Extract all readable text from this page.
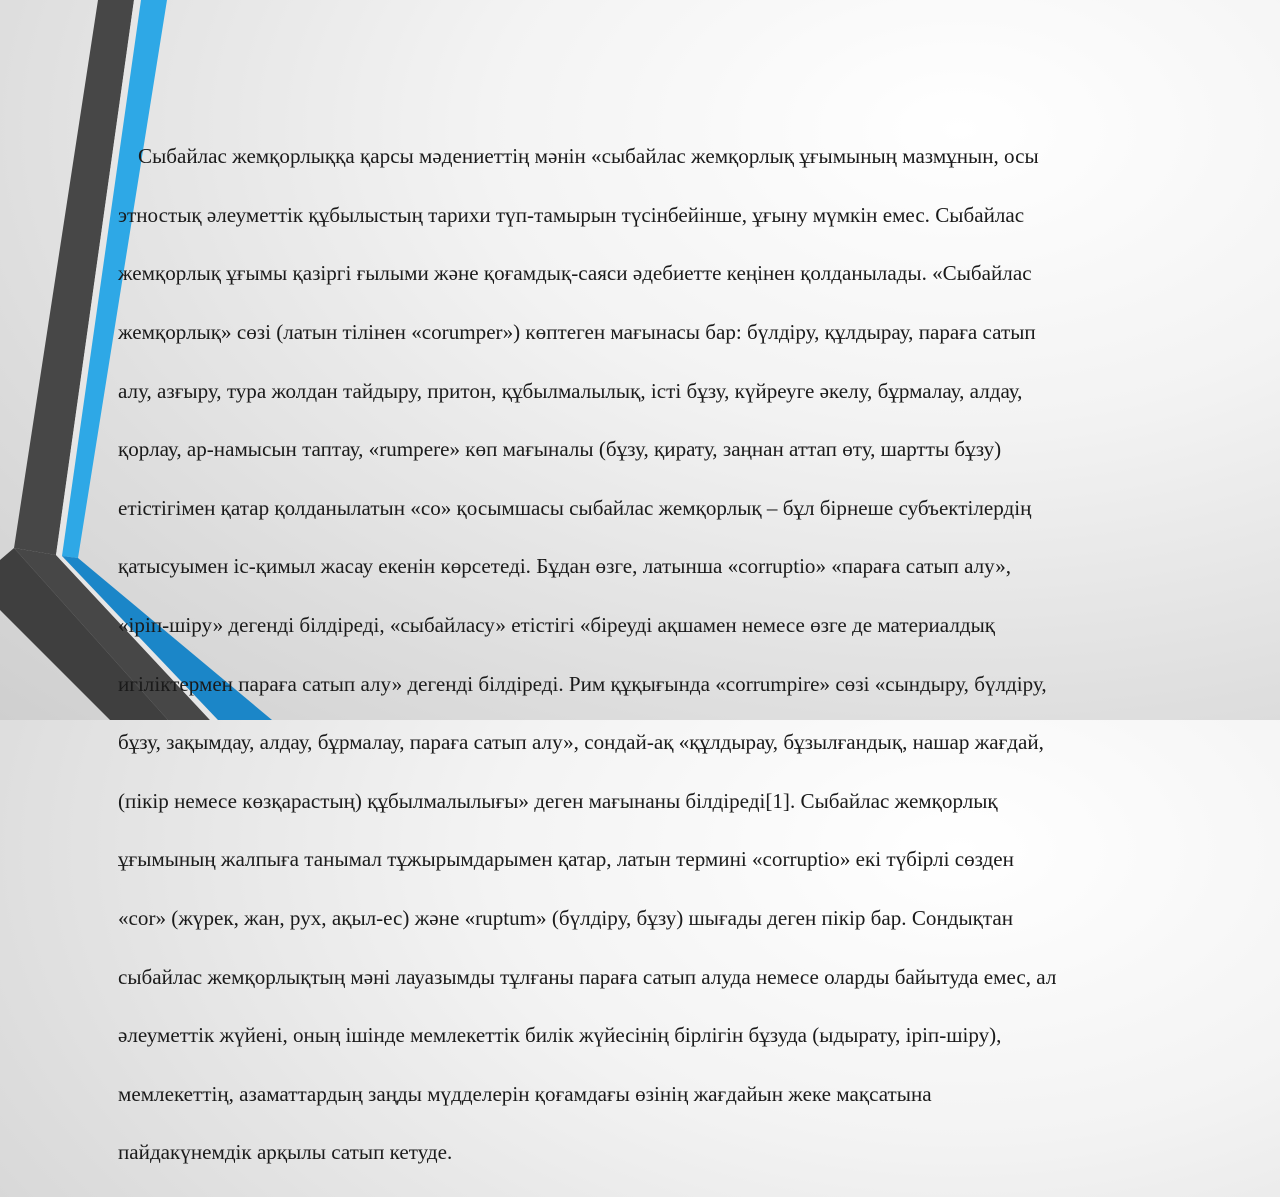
Сыбайлас жемқорлыққа қарсы мәдениеттің мәнін «сыбайлас жемқорлық ұғымының мазмұнын, осы

этностық әлеуметтік құбылыстың тарихи түп-тамырын түсінбейінше, ұғыну мүмкін емес. Сыбайлас

жемқорлық ұғымы қазіргі ғылыми және қоғамдық-саяси әдебиетте кеңінен қолданылады. «Сыбайлас

жемқорлық» сөзі (латын тілінен «corumper») көптеген мағынасы бар: бүлдіру, құлдырау, параға сатып

алу, азғыру, тура жолдан тайдыру, притон, құбылмалылық, істі бұзу, күйреуге әкелу, бұрмалау, алдау,

қорлау, ар-намысын таптау, «rumpere» көп мағыналы (бұзу, қирату, заңнан аттап өту, шартты бұзу)

етістігімен қатар қолданылатын «co» қосымшасы сыбайлас жемқорлық – бұл бірнеше субъектілердің

қатысуымен іс-қимыл жасау екенін көрсетеді. Бұдан өзге, латынша «corruptio» «параға сатып алу»,

«іріп-шіру» дегенді білдіреді, «сыбайласу» етістігі «біреуді ақшамен немесе өзге де материалдық

игіліктермен параға сатып алу» дегенді білдіреді. Рим құқығында «corrumpire» сөзі «сындыру, бүлдіру,

бұзу, зақымдау, алдау, бұрмалау, параға сатып алу», сондай-ақ «құлдырау, бұзылғандық, нашар жағдай,

(пікір немесе көзқарастың) құбылмалылығы» деген мағынаны білдіреді[1]. Сыбайлас жемқорлық

ұғымының жалпыға танымал тұжырымдарымен қатар, латын термині «corruptio» екі түбірлі сөзден

«cor» (жүрек, жан, рух, ақыл-ес) және «ruptum» (бүлдіру, бұзу) шығады деген пікір бар. Сондықтан

сыбайлас жемқорлықтың мәні лауазымды тұлғаны параға сатып алуда немесе оларды байытуда емес, ал

әлеуметтік жүйені, оның ішінде мемлекеттік билік жүйесінің бірлігін бұзуда (ыдырату, іріп-шіру),

мемлекеттің, азаматтардың заңды мүдделерін қоғамдағы өзінің жағдайын жеке мақсатына

пайдакүнемдік арқылы сатып кетуде.
